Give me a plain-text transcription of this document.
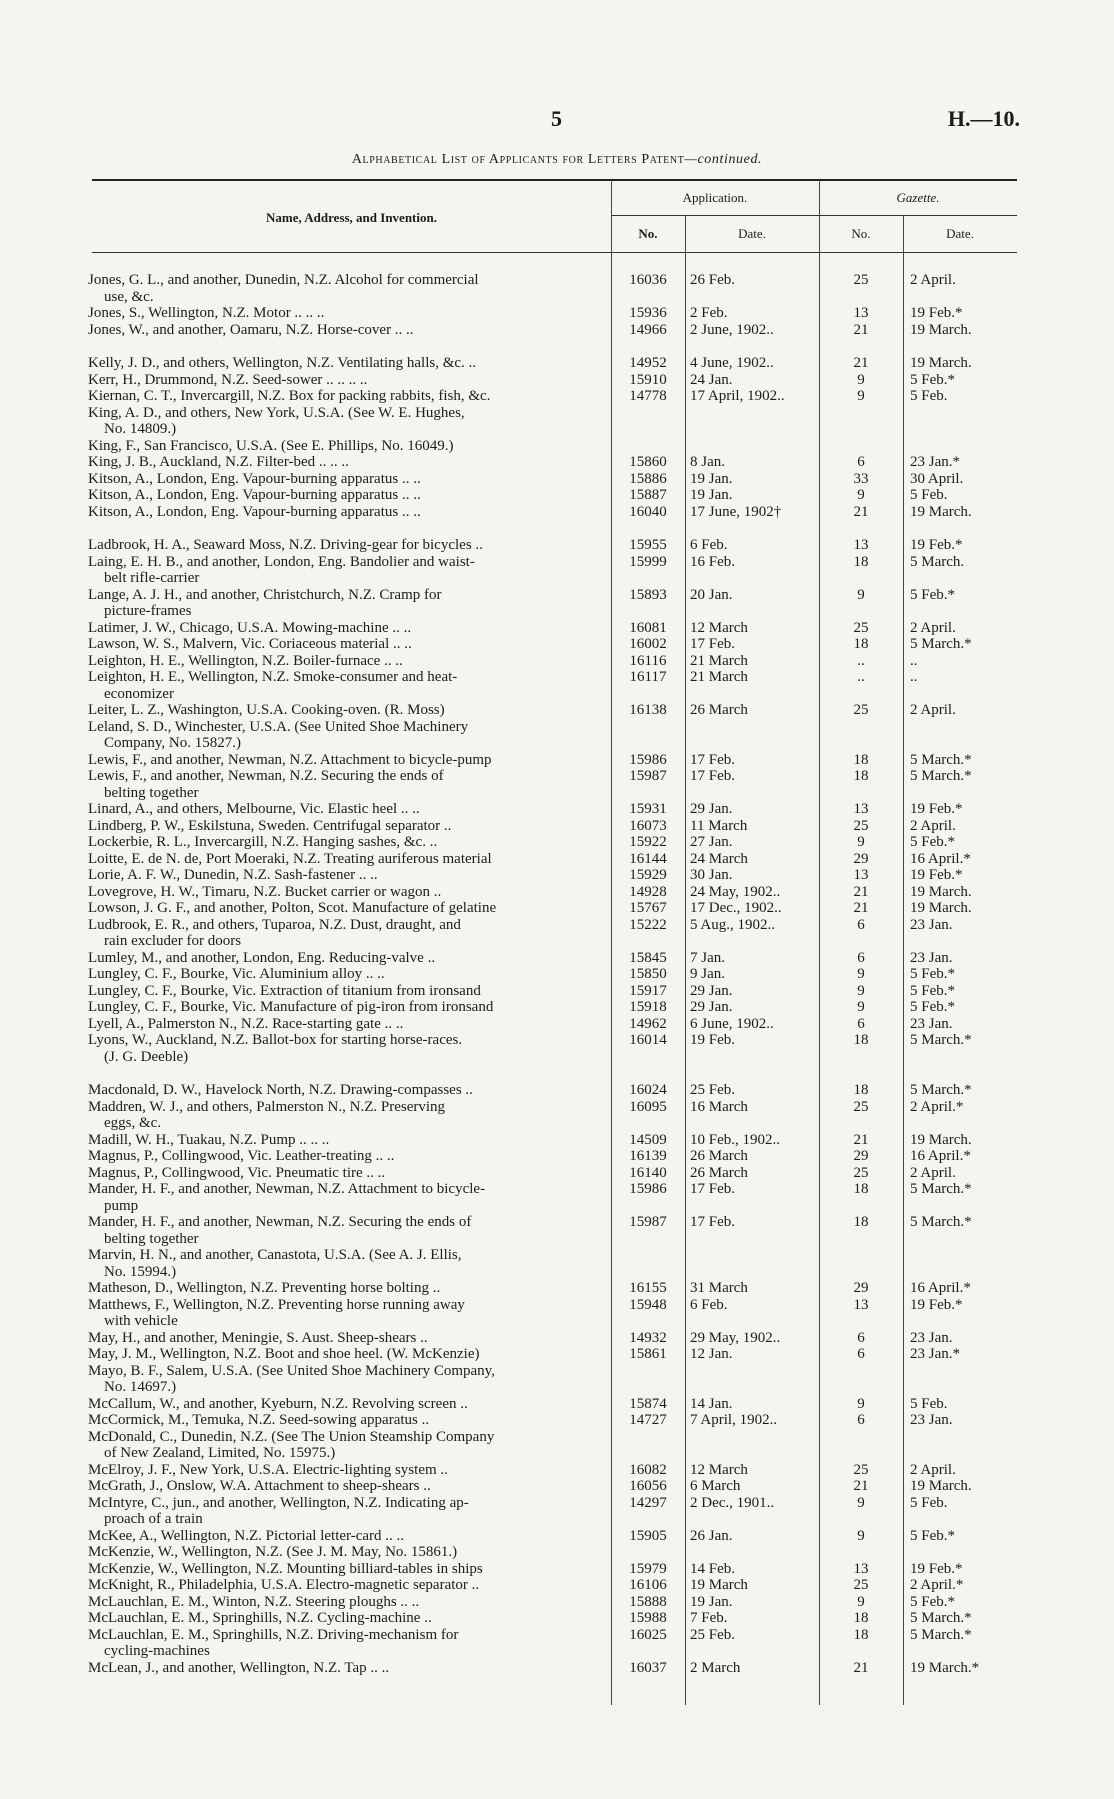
5	H.—10.
Alphabetical List of Applicants for Letters Patent—continued.
Name, Address, and Invention.
Application.	Gazette.
No.	Date.	No.	Date.
Jones, G. L., and another, Dunedin, N.Z. Alcohol for commercial
use, &c.
16036	26 Feb.	25	2 April.
Jones, S., Wellington, N.Z. Motor .. .. ..	15936	2 Feb.	13	19 Feb.*
Jones, W., and another, Oamaru, N.Z. Horse-cover .. ..	14966	2 June, 1902..	21	19 March.
Kelly, J. D., and others, Wellington, N.Z. Ventilating halls, &c. ..	14952	4 June, 1902..	21	19 March.
Kerr, H., Drummond, N.Z. Seed-sower .. .. .. ..	15910	24 Jan.	9	5 Feb.*
Kiernan, C. T., Invercargill, N.Z. Box for packing rabbits, fish, &c.	14778	17 April, 1902..	9	5 Feb.
King, A. D., and others, New York, U.S.A. (See W. E. Hughes,
No. 14809.)
King, F., San Francisco, U.S.A. (See E. Phillips, No. 16049.)
King, J. B., Auckland, N.Z. Filter-bed .. .. ..	15860	8 Jan.	6	23 Jan.*
Kitson, A., London, Eng. Vapour-burning apparatus .. ..	15886	19 Jan.	33	30 April.
Kitson, A., London, Eng. Vapour-burning apparatus .. ..	15887	19 Jan.	9	5 Feb.
Kitson, A., London, Eng. Vapour-burning apparatus .. ..	16040	17 June, 1902†	21	19 March.
Ladbrook, H. A., Seaward Moss, N.Z. Driving-gear for bicycles ..	15955	6 Feb.	13	19 Feb.*
Laing, E. H. B., and another, London, Eng. Bandolier and waist-
belt rifle-carrier
15999	16 Feb.	18	5 March.
Lange, A. J. H., and another, Christchurch, N.Z. Cramp for
picture-frames
15893	20 Jan.	9	5 Feb.*
Latimer, J. W., Chicago, U.S.A. Mowing-machine .. ..	16081	12 March	25	2 April.
Lawson, W. S., Malvern, Vic. Coriaceous material .. ..	16002	17 Feb.	18	5 March.*
Leighton, H. E., Wellington, N.Z. Boiler-furnace .. ..	16116	21 March	..	..
Leighton, H. E., Wellington, N.Z. Smoke-consumer and heat-
economizer
16117	21 March	..	..
Leiter, L. Z., Washington, U.S.A. Cooking-oven. (R. Moss)	16138	26 March	25	2 April.
Leland, S. D., Winchester, U.S.A. (See United Shoe Machinery
Company, No. 15827.)
Lewis, F., and another, Newman, N.Z. Attachment to bicycle-pump	15986	17 Feb.	18	5 March.*
Lewis, F., and another, Newman, N.Z. Securing the ends of
belting together
15987	17 Feb.	18	5 March.*
Linard, A., and others, Melbourne, Vic. Elastic heel .. ..	15931	29 Jan.	13	19 Feb.*
Lindberg, P. W., Eskilstuna, Sweden. Centrifugal separator ..	16073	11 March	25	2 April.
Lockerbie, R. L., Invercargill, N.Z. Hanging sashes, &c. ..	15922	27 Jan.	9	5 Feb.*
Loitte, E. de N. de, Port Moeraki, N.Z. Treating auriferous material	16144	24 March	29	16 April.*
Lorie, A. F. W., Dunedin, N.Z. Sash-fastener .. ..	15929	30 Jan.	13	19 Feb.*
Lovegrove, H. W., Timaru, N.Z. Bucket carrier or wagon ..	14928	24 May, 1902..	21	19 March.
Lowson, J. G. F., and another, Polton, Scot. Manufacture of gelatine	15767	17 Dec., 1902..	21	19 March.
Ludbrook, E. R., and others, Tuparoa, N.Z. Dust, draught, and
rain excluder for doors
15222	5 Aug., 1902..	6	23 Jan.
Lumley, M., and another, London, Eng. Reducing-valve ..	15845	7 Jan.	6	23 Jan.
Lungley, C. F., Bourke, Vic. Aluminium alloy .. ..	15850	9 Jan.	9	5 Feb.*
Lungley, C. F., Bourke, Vic. Extraction of titanium from ironsand	15917	29 Jan.	9	5 Feb.*
Lungley, C. F., Bourke, Vic. Manufacture of pig-iron from ironsand	15918	29 Jan.	9	5 Feb.*
Lyell, A., Palmerston N., N.Z. Race-starting gate .. ..	14962	6 June, 1902..	6	23 Jan.
Lyons, W., Auckland, N.Z. Ballot-box for starting horse-races.
(J. G. Deeble)
16014	19 Feb.	18	5 March.*
Macdonald, D. W., Havelock North, N.Z. Drawing-compasses ..	16024	25 Feb.	18	5 March.*
Maddren, W. J., and others, Palmerston N., N.Z. Preserving
eggs, &c.
16095	16 March	25	2 April.*
Madill, W. H., Tuakau, N.Z. Pump .. .. ..	14509	10 Feb., 1902..	21	19 March.
Magnus, P., Collingwood, Vic. Leather-treating .. ..	16139	26 March	29	16 April.*
Magnus, P., Collingwood, Vic. Pneumatic tire .. ..	16140	26 March	25	2 April.
Mander, H. F., and another, Newman, N.Z. Attachment to bicycle-
pump
15986	17 Feb.	18	5 March.*
Mander, H. F., and another, Newman, N.Z. Securing the ends of
belting together
15987	17 Feb.	18	5 March.*
Marvin, H. N., and another, Canastota, U.S.A. (See A. J. Ellis,
No. 15994.)
Matheson, D., Wellington, N.Z. Preventing horse bolting ..	16155	31 March	29	16 April.*
Matthews, F., Wellington, N.Z. Preventing horse running away
with vehicle
15948	6 Feb.	13	19 Feb.*
May, H., and another, Meningie, S. Aust. Sheep-shears ..	14932	29 May, 1902..	6	23 Jan.
May, J. M., Wellington, N.Z. Boot and shoe heel. (W. McKenzie)	15861	12 Jan.	6	23 Jan.*
Mayo, B. F., Salem, U.S.A. (See United Shoe Machinery Company,
No. 14697.)
McCallum, W., and another, Kyeburn, N.Z. Revolving screen ..	15874	14 Jan.	9	5 Feb.
McCormick, M., Temuka, N.Z. Seed-sowing apparatus ..	14727	7 April, 1902..	6	23 Jan.
McDonald, C., Dunedin, N.Z. (See The Union Steamship Company
of New Zealand, Limited, No. 15975.)
McElroy, J. F., New York, U.S.A. Electric-lighting system ..	16082	12 March	25	2 April.
McGrath, J., Onslow, W.A. Attachment to sheep-shears ..	16056	6 March	21	19 March.
McIntyre, C., jun., and another, Wellington, N.Z. Indicating ap-
proach of a train
14297	2 Dec., 1901..	9	5 Feb.
McKee, A., Wellington, N.Z. Pictorial letter-card .. ..	15905	26 Jan.	9	5 Feb.*
McKenzie, W., Wellington, N.Z. (See J. M. May, No. 15861.)
McKenzie, W., Wellington, N.Z. Mounting billiard-tables in ships	15979	14 Feb.	13	19 Feb.*
McKnight, R., Philadelphia, U.S.A. Electro-magnetic separator ..	16106	19 March	25	2 April.*
McLauchlan, E. M., Winton, N.Z. Steering ploughs .. ..	15888	19 Jan.	9	5 Feb.*
McLauchlan, E. M., Springhills, N.Z. Cycling-machine ..	15988	7 Feb.	18	5 March.*
McLauchlan, E. M., Springhills, N.Z. Driving-mechanism for
cycling-machines
16025	25 Feb.	18	5 March.*
McLean, J., and another, Wellington, N.Z. Tap .. ..	16037	2 March	21	19 March.*
